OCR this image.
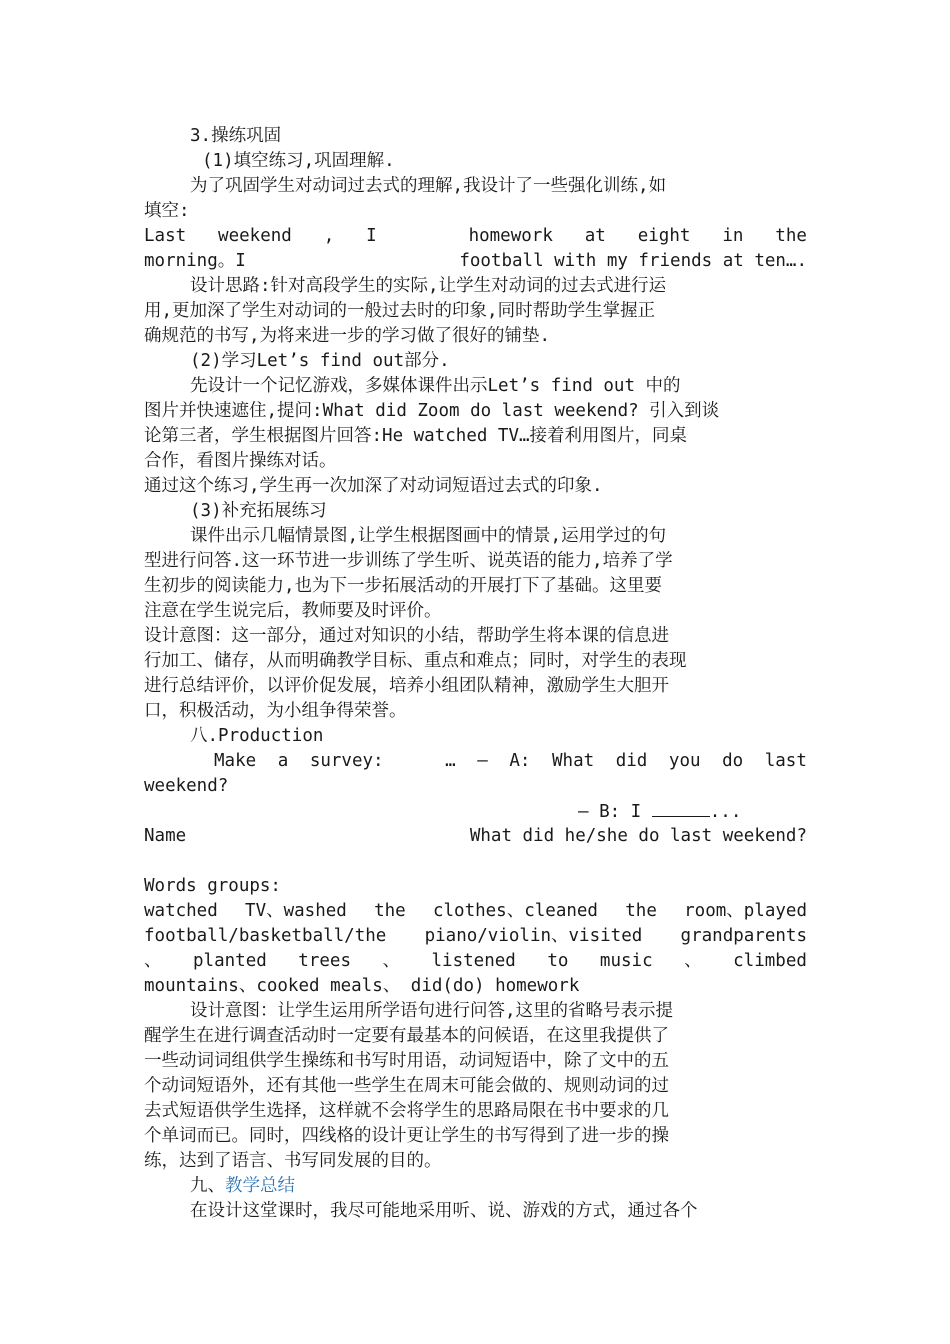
3.操练巩固
(1)填空练习,巩固理解.
为了巩固学生对动词过去式的理解,我设计了一些强化训练,如
填空:
Last weekend , I	homework at eight in the
morning。I	football with my friends at ten….
设计思路:针对高段学生的实际,让学生对动词的过去式进行运
用,更加深了学生对动词的一般过去时的印象,同时帮助学生掌握正
确规范的书写,为将来进一步的学习做了很好的铺垫.
(2)学习Let’s find out部分.
先设计一个记忆游戏，多媒体课件出示Let’s find out 中的
图片并快速遮住,提问:What did Zoom do last weekend? 引入到谈
论第三者，学生根据图片回答:He watched TV…接着利用图片，同桌
合作，看图片操练对话。
通过这个练习,学生再一次加深了对动词短语过去式的印象.
(3)补充拓展练习
课件出示几幅情景图,让学生根据图画中的情景,运用学过的句
型进行问答.这一环节进一步训练了学生听、说英语的能力,培养了学
生初步的阅读能力,也为下一步拓展活动的开展打下了基础。这里要
注意在学生说完后，教师要及时评价。
设计意图：这一部分，通过对知识的小结，帮助学生将本课的信息进
行加工、储存，从而明确教学目标、重点和难点；同时，对学生的表现
进行总结评价，以评价促发展，培养小组团队精神，激励学生大胆开
口，积极活动，为小组争得荣誉。
八.Production
Make a survey:	… – A: What did you do last
weekend?
– B: I	...
Name	What did he/she do last weekend?
Words groups:
watched TV、washed the clothes、cleaned the room、played
football/basketball/the piano/violin、visited grandparents
、 planted trees 、 listened to music 、 climbed
mountains、cooked meals、 did(do) homework
设计意图：让学生运用所学语句进行问答,这里的省略号表示提
醒学生在进行调查活动时一定要有最基本的问候语，在这里我提供了
一些动词词组供学生操练和书写时用语，动词短语中，除了文中的五
个动词短语外，还有其他一些学生在周末可能会做的、规则动词的过
去式短语供学生选择，这样就不会将学生的思路局限在书中要求的几
个单词而已。同时，四线格的设计更让学生的书写得到了进一步的操
练，达到了语言、书写同发展的目的。
九、教学总结
在设计这堂课时，我尽可能地采用听、说、游戏的方式，通过各个
